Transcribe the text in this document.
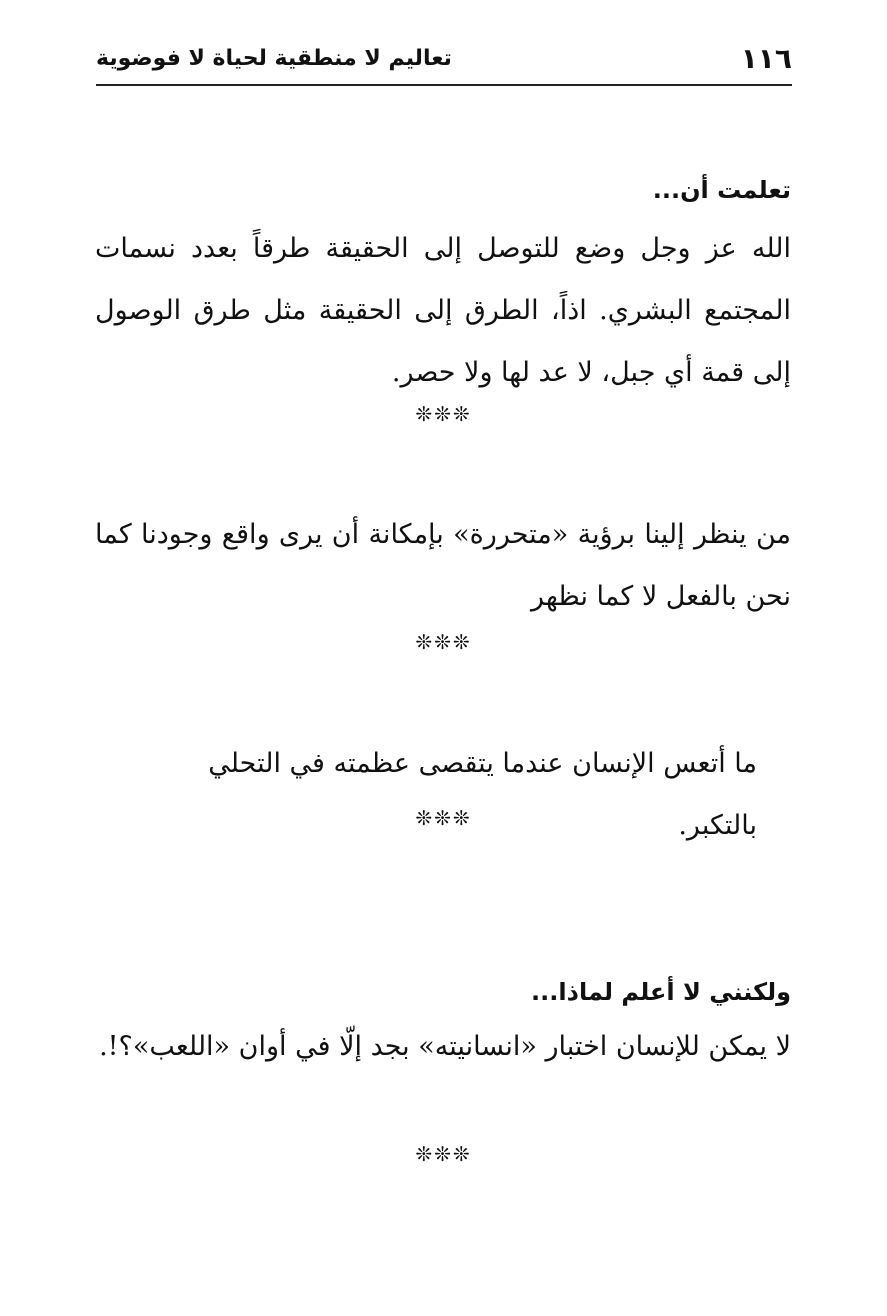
١١٦
تعاليم لا منطقية لحياة لا فوضوية
تعلمت أن...

الله عز وجل وضع للتوصل إلى الحقيقة طرقاً بعدد نسمات المجتمع البشري. اذاً، الطرق إلى الحقيقة مثل طرق الوصول إلى قمة أي جبل، لا عد لها ولا حصر.

❊❊❊

من ينظر إلينا برؤية «متحررة» بإمكانة أن يرى واقع وجودنا كما نحن بالفعل لا كما نظهر

❊❊❊

ما أتعس الإنسان عندما يتقصى عظمته في التحلي بالتكبر.

❊❊❊
ولكنني لا أعلم لماذا...

لا يمكن للإنسان اختبار «انسانيته» بجد إلّا في أوان «اللعب»؟!.

❊❊❊
